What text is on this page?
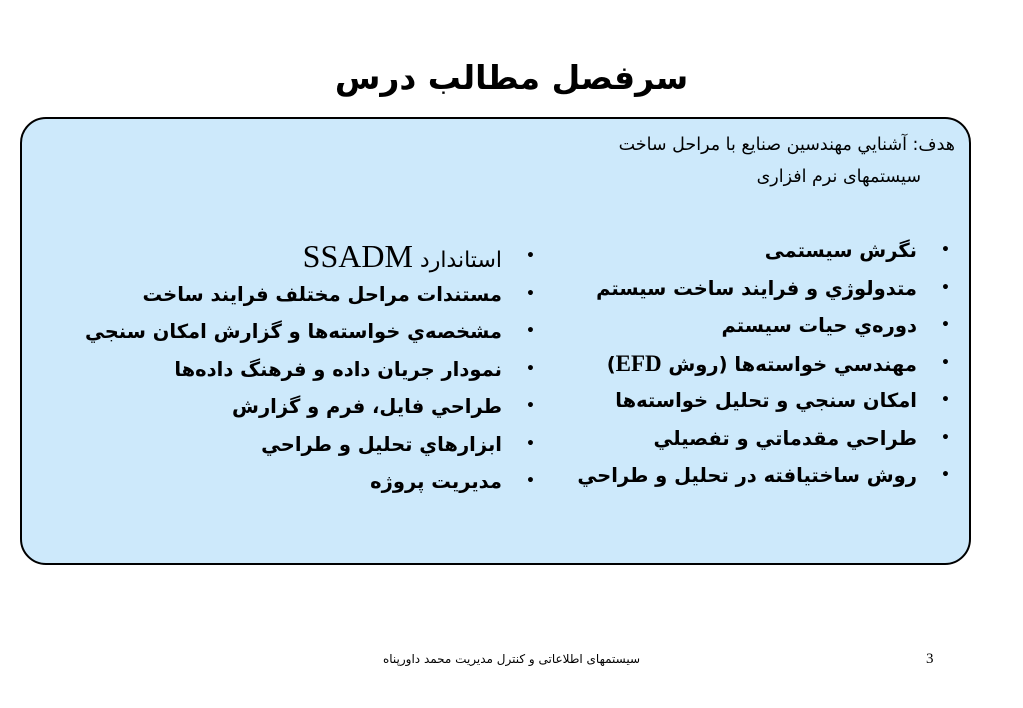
سرفصل مطالب درس
هدف: آشنايي مهندسين صنايع با مراحل ساخت
سيستمهای نرم افزاری
•
نگرش سيستمی
•
متدولوژي و فرايند ساخت سيستم
•
دوره‌ي حيات سيستم
•
مهندسي خواسته‌ها (روش EFD)
•
امكان سنجي و تحليل خواسته‌ها
•
طراحي مقدماتي و تفصيلي
•
روش ساختيافته در تحليل و طراحي
•
استاندارد SSADM
•
مستندات مراحل مختلف فرايند ساخت
•
مشخصه‌ي خواسته‌ها و گزارش امكان سنجي
•
نمودار جريان داده و فرهنگ داده‌ها
•
طراحي فايل، فرم و گزارش
•
ابزارهاي تحليل و طراحي
•
مديريت پروژه
سیستمهای اطلاعاتی و کنترل مدیریت محمد داورپناه	3
